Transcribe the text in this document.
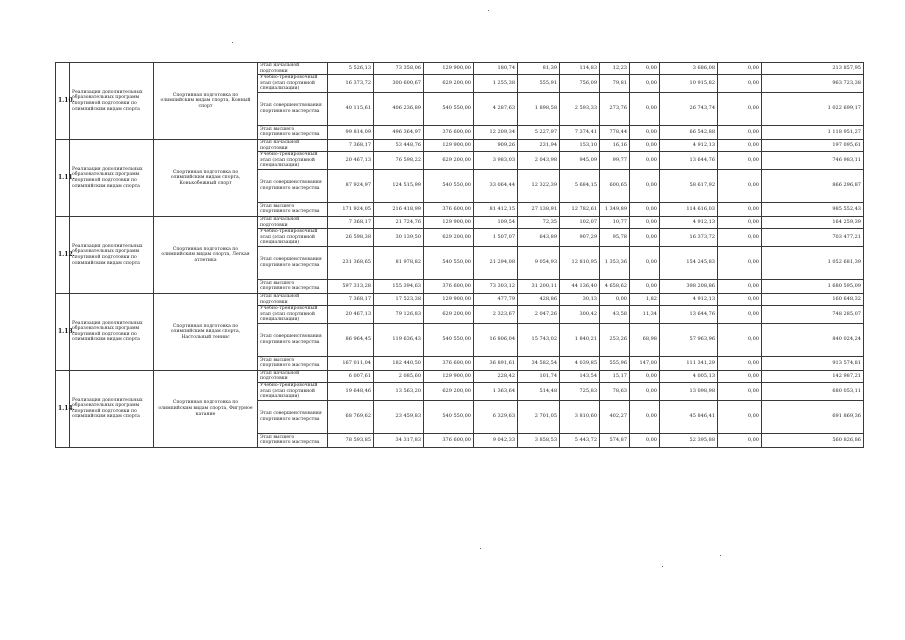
1.10.	Реализация дополнительных образовательных программ спортивной подготовки по олимпийским видам спорта	Спортивная подготовка по олимпийским видам спорта, Конный спорт	Этап начальной подготовки	5 526,13	73 358,06	129 900,00	180,74	81,39	114,83	12,23	0,00	3 686,08	0,00	213 857,95
			Учебно-тренировочный этап (этап спортивной специализации)	16 373,72	300 600,67	629 200,00	1 255,38	555,91	756,09	79,81	0,00	10 915,82	0,00	963 723,38
			Этап совершенствования спортивного мастерства	40 115,61	406 236,89	540 550,00	4 287,63	1 898,58	2 593,33	273,76	0,00	26 743,74	0,00	1 022 699,17
			Этап высшего спортивного мастерства	99 814,09	496 364,97	376 600,00	12 209,34	5 227,97	7 374,41	778,44	0,00	66 542,88	0,00	1 118 951,27
1.11.	Реализация дополнительных образовательных программ спортивной подготовки по олимпийским видам спорта	Спортивная подготовка по олимпийским видам спорта, Конькобежный спорт	Этап начальной подготовки	7 368,17	53 448,76	129 900,00	909,26	231,94	153,10	16,16	0,00	4 912,13	0,00	197 095,61
			Учебно-тренировочный этап (этап спортивной специализации)	20 467,13	76 598,22	629 200,00	3 983,03	2 043,98	945,09	99,77	0,00	13 644,76	0,00	746 983,11
			Этап совершенствования спортивного мастерства	87 924,97	124 515,99	540 550,00	33 064,44	12 322,39	5 684,15	600,65	0,00	58 617,92	0,00	866 296,87
			Этап высшего спортивного мастерства	171 924,05	216 418,99	376 600,00	81 412,15	27 138,91	12 782,61	1 349,89	0,00	114 616,03	0,00	985 552,43
1.12.	Реализация дополнительных образовательных программ спортивной подготовки по олимпийским видам спорта	Спортивная подготовка по олимпийским видам спорта, Легкая атлетика	Этап начальной подготовки	7 368,17	21 724,76	129 900,00	109,54	72,35	102,07	10,77	0,00	4 912,13	0,00	164 259,39
			Учебно-тренировочный этап (этап спортивной специализации)	26 598,38	30 139,50	629 200,00	1 507,07	643,89	907,29	95,78	0,00	16 373,72	0,00	703 477,21
			Этап совершенствования спортивного мастерства	231 368,65	81 978,82	540 550,00	21 294,08	9 054,93	12 810,95	1 353,36	0,00	154 245,83	0,00	1 052 681,39
			Этап высшего спортивного мастерства	597 313,28	155 394,63	376 600,00	73 303,12	31 200,11	44 136,40	4 658,62	0,00	398 208,86	0,00	1 680 595,09
1.13.	Реализация дополнительных образовательных программ спортивной подготовки по олимпийским видам спорта	Спортивная подготовка по олимпийским видам спорта, Настольный теннис	Этап начальной подготовки	7 368,17	17 523,38	129 900,00	477,79	428,86	30,13	0,00	1,82	4 912,13	0,00	160 648,32
			Учебно-тренировочный этап (этап спортивной специализации)	20 467,13	79 126,83	629 200,00	2 323,67	2 047,26	300,42	43,58	11,34	13 644,76	0,00	748 285,07
			Этап совершенствования спортивного мастерства	86 964,45	119 636,43	540 550,00	16 806,04	15 743,02	1 840,21	253,26	68,98	57 963,96	0,00	840 024,24
			Этап высшего спортивного мастерства	167 011,04	182 440,50	376 600,00	36 891,61	34 582,54	4 039,85	555,96	147,00	111 341,29	0,00	913 574,81
1.14.	Реализация дополнительных образовательных программ спортивной подготовки по олимпийским видам спорта	Спортивная подготовка по олимпийским видам спорта, Фигурное катание	Этап начальной подготовки	6 007,61	2 085,60	129 900,00	228,42	101,74	143,54	15,17	0,00	4 005,13	0,00	142 987,21
			Учебно-тренировочный этап (этап спортивной специализации)	19 648,46	13 563,20	629 200,00	1 363,64	514,48	725,83	78,63	0,00	13 098,98	0,00	680 053,11
			Этап совершенствования спортивного мастерства	68 769,62	23 459,83	540 550,00	6 329,63	2 701,05	3 810,60	402,27	0,00	45 846,41	0,00	691 869,36
			Этап высшего спортивного мастерства	78 593,85	34 317,83	376 600,00	9 042,33	3 858,53	5 443,72	574,87	0,00	52 395,88	0,00	560 826,86
